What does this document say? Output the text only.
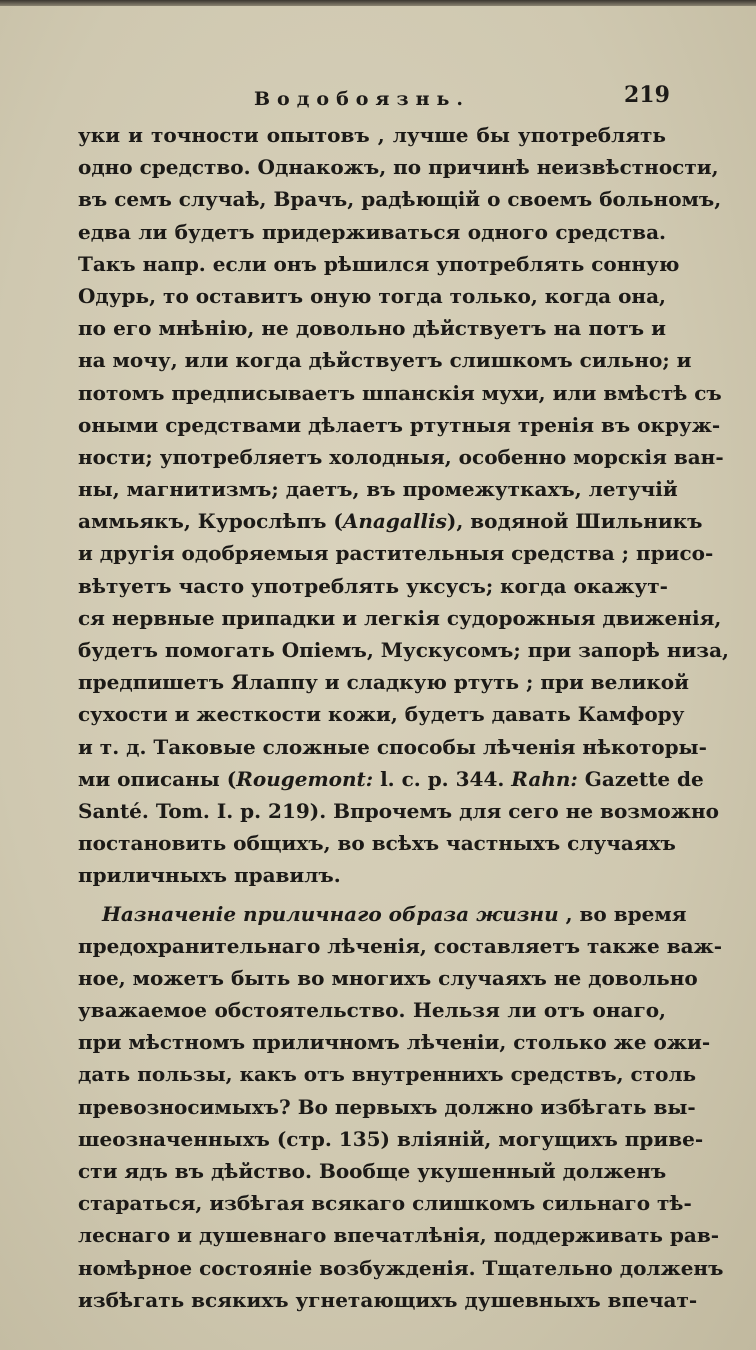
Водобоязнь.	219
уки и точности опытовъ , лучше бы употреблять
одно средство. Однакожъ, по причинѣ неизвѣстности,
въ семъ случаѣ, Врачъ, радѣющій о своемъ больномъ,
едва ли будетъ придерживаться одного средства.
Такъ напр. если онъ рѣшился употреблять сонную
Одурь, то оставитъ оную тогда только, когда она,
по его мнѣнію, не довольно дѣйствуетъ на потъ и
на мочу, или когда дѣйствуетъ слишкомъ сильно; и
потомъ предписываетъ шпанскія мухи, или вмѣстѣ съ
оными средствами дѣлаетъ ртутныя тренія въ окруж-
ности; употребляетъ холодныя, особенно морскія ван-
ны, магнитизмъ; даетъ, въ промежуткахъ, летучій
аммьякъ, Курослѣпъ (Anagallis), водяной Шильникъ
и другія одобряемыя растительныя средства ; присо-
вѣтуетъ часто употреблять уксусъ; когда окажут-
ся нервные припадки и легкія судорожныя движенія,
будетъ помогать Опіемъ, Мускусомъ; при запорѣ низа,
предпишетъ Ялаппу и сладкую ртуть ; при великой
сухости и жесткости кожи, будетъ давать Камфору
и т. д. Таковые сложные способы лѣченія нѣкоторы-
ми описаны (Rougemont: l. c. p. 344. Rahn: Gazette de
Santé. Tom. I. p. 219). Впрочемъ для сего не возможно
постановить общихъ, во всѣхъ частныхъ случаяхъ
приличныхъ правилъ.
Назначеніе приличнаго образа жизни , во время
предохранительнаго лѣченія, составляетъ также важ-
ное, можетъ быть во многихъ случаяхъ не довольно
уважаемое обстоятельство. Нельзя ли отъ онаго,
при мѣстномъ приличномъ лѣченіи, столько же ожи-
дать пользы, какъ отъ внутреннихъ средствъ, столь
превозносимыхъ? Во первыхъ должно избѣгать вы-
шеозначенныхъ (стр. 135) вліяній, могущихъ приве-
сти ядъ въ дѣйство. Вообще укушенный долженъ
стараться, избѣгая всякаго слишкомъ сильнаго тѣ-
леснаго и душевнаго впечатлѣнія, поддерживать рав-
номѣрное состояніе возбужденія. Тщательно долженъ
избѣгать всякихъ угнетающихъ душевныхъ впечат-
